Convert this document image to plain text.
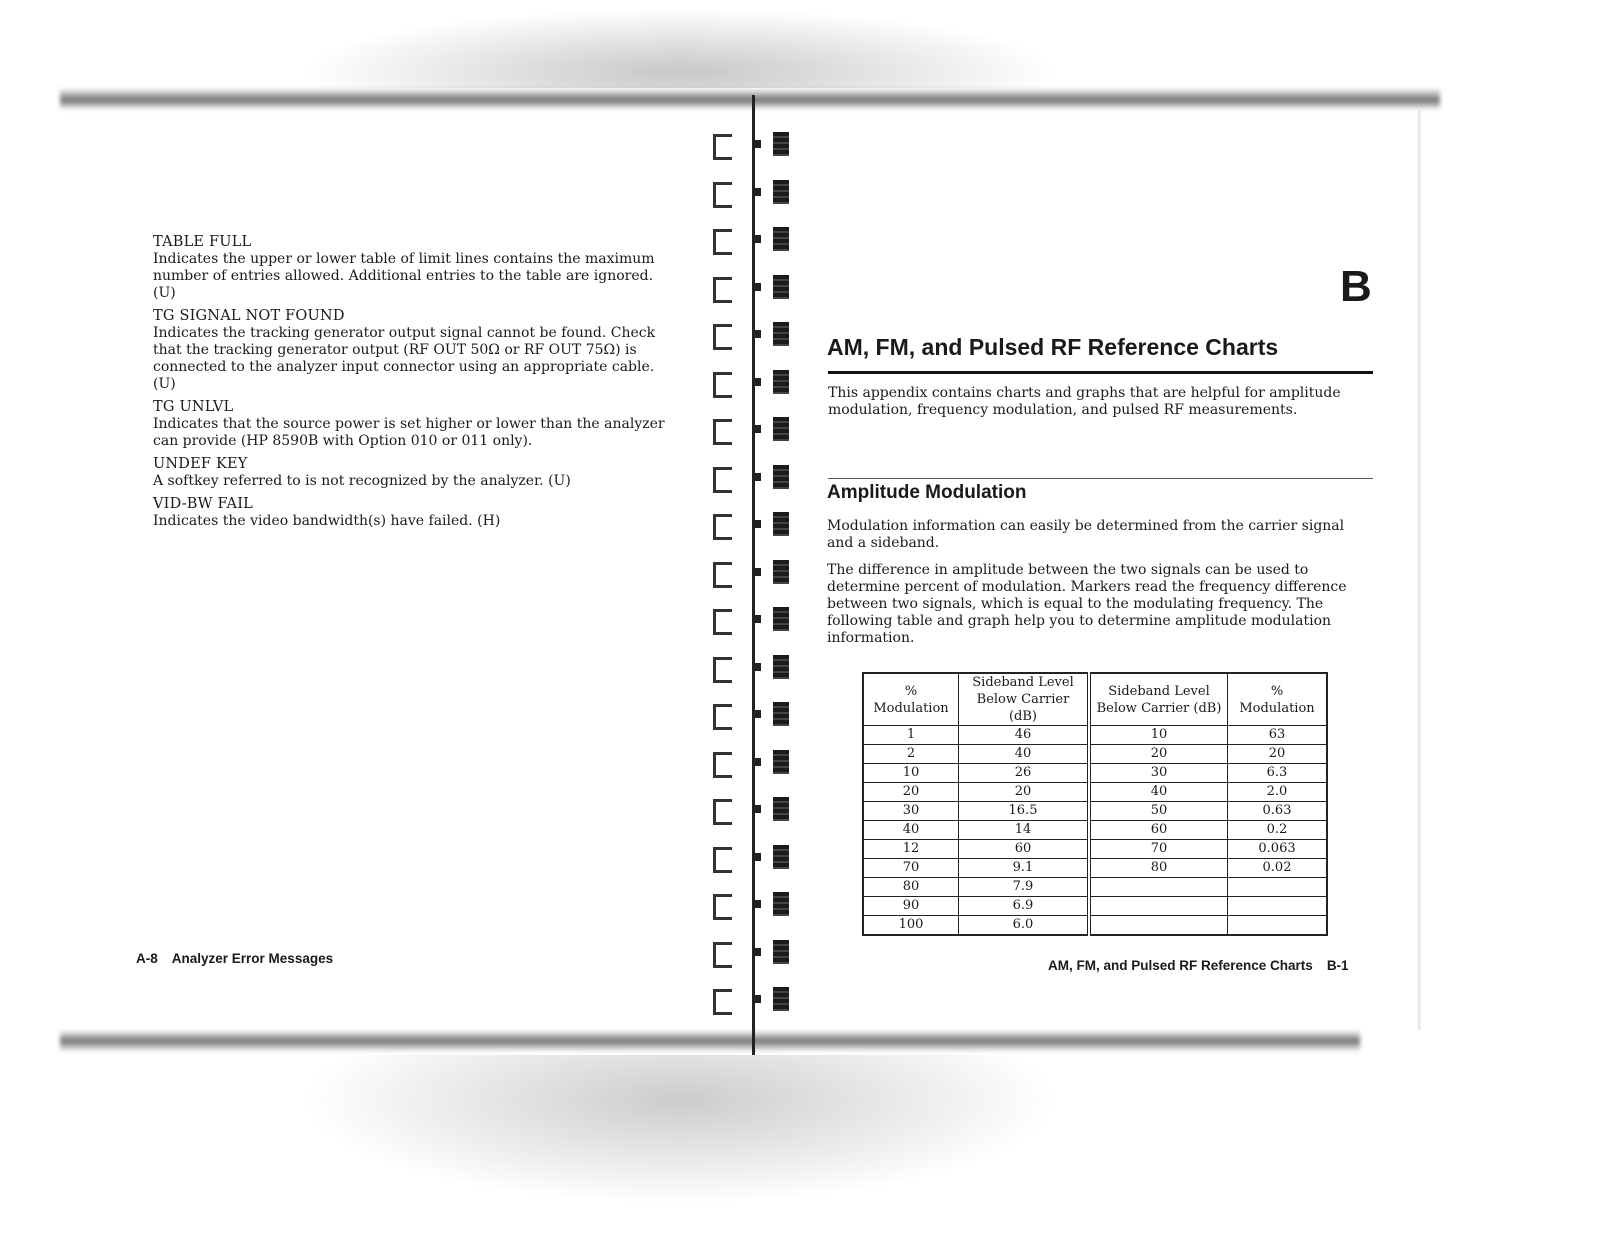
TABLE FULL
Indicates the upper or lower table of limit lines contains the maximum number of entries allowed. Additional entries to the table are ignored. (U)
TG SIGNAL NOT FOUND
Indicates the tracking generator output signal cannot be found. Check that the tracking generator output (RF OUT 50Ω or RF OUT 75Ω) is connected to the analyzer input connector using an appropriate cable. (U)
TG UNLVL
Indicates that the source power is set higher or lower than the analyzer can provide (HP 8590B with Option 010 or 011 only).
UNDEF KEY
A softkey referred to is not recognized by the analyzer. (U)
VID-BW FAIL
Indicates the video bandwidth(s) have failed. (H)
A-8 Analyzer Error Messages
B
AM, FM, and Pulsed RF Reference Charts
This appendix contains charts and graphs that are helpful for amplitude modulation, frequency modulation, and pulsed RF measurements.
Amplitude Modulation
Modulation information can easily be determined from the carrier signal and a sideband.
The difference in amplitude between the two signals can be used to determine percent of modulation. Markers read the frequency difference between two signals, which is equal to the modulating frequency. The following table and graph help you to determine amplitude modulation information.
% Modulation	Sideband Level Below Carrier (dB)	Sideband Level Below Carrier (dB)	% Modulation
1	46	10	63
2	40	20	20
10	26	30	6.3
20	20	40	2.0
30	16.5	50	0.63
40	14	60	0.2
12	60	70	0.063
70	9.1	80	0.02
80	7.9		
90	6.9		
100	6.0		
AM, FM, and Pulsed RF Reference Charts B-1
